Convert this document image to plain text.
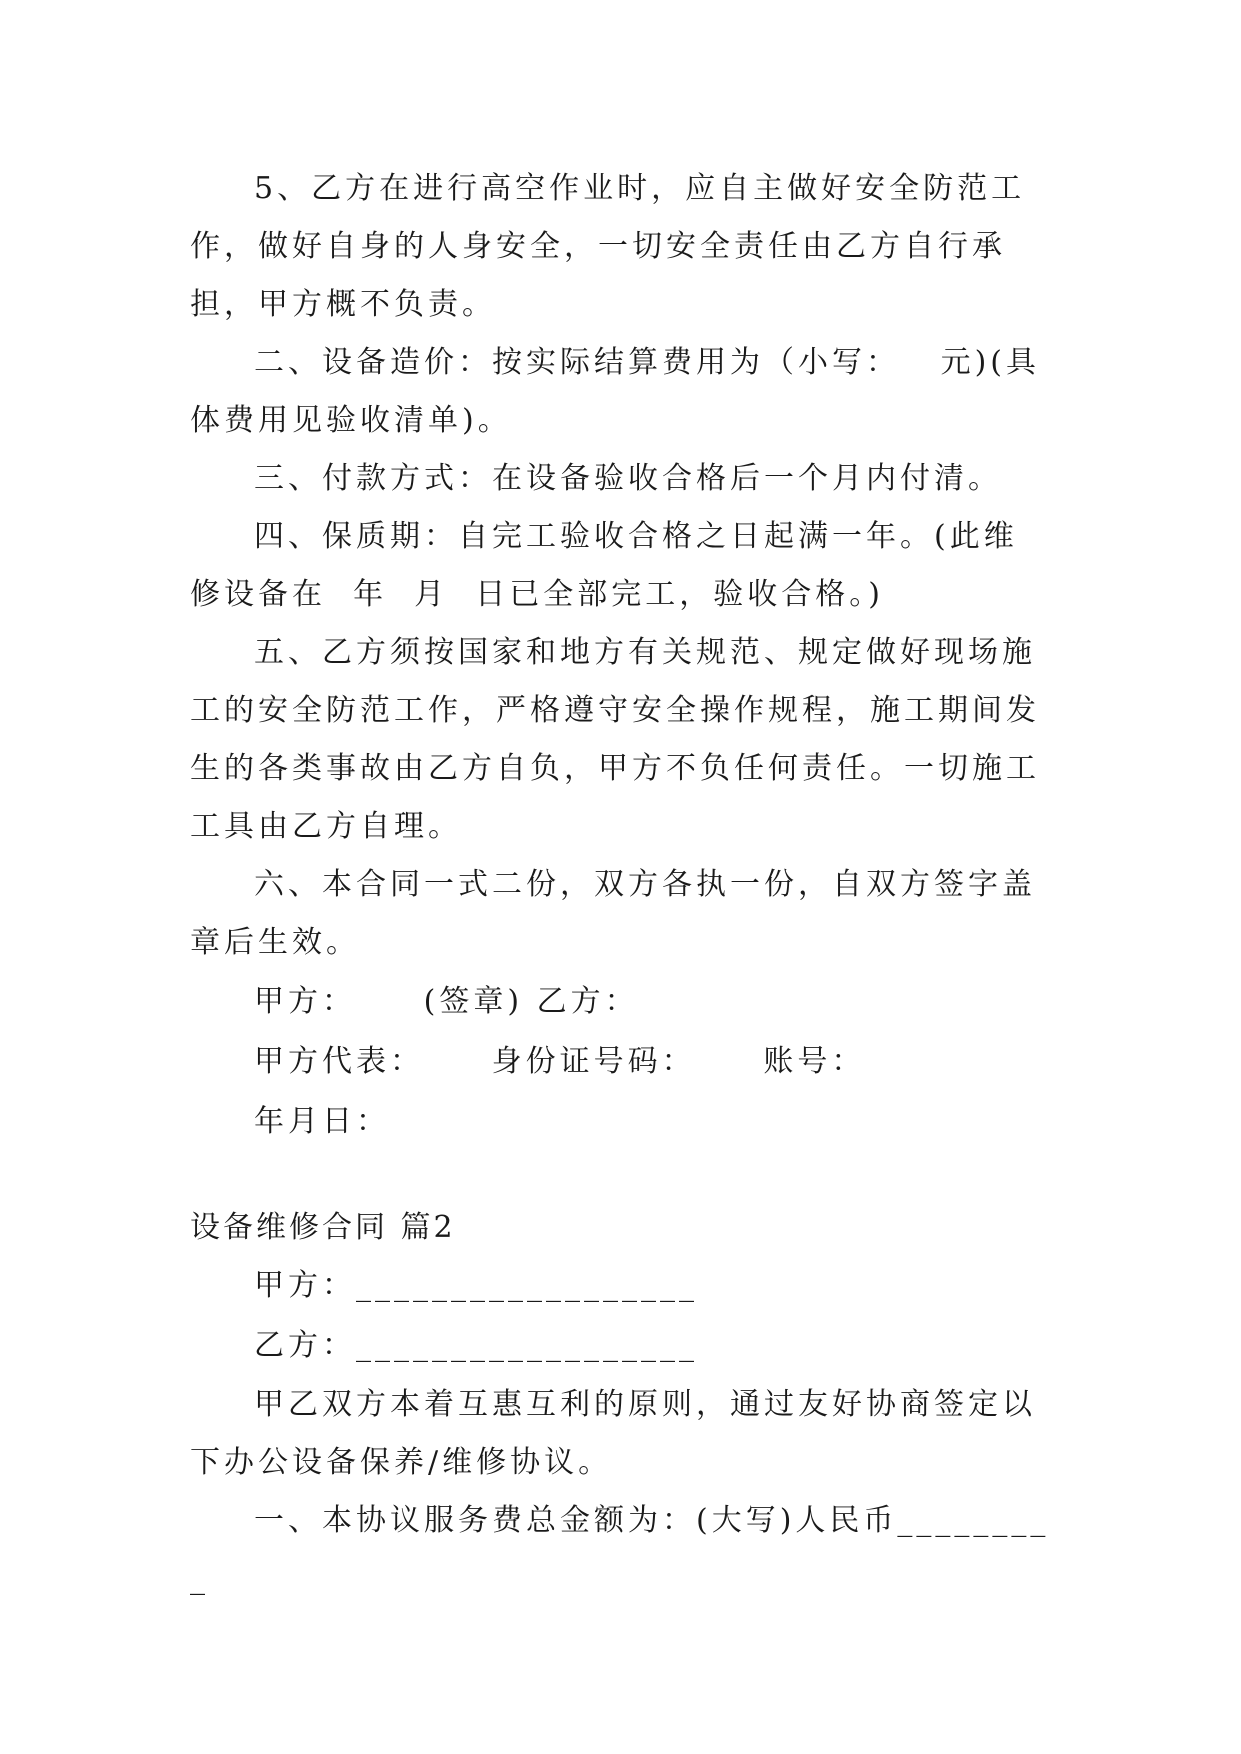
5、乙方在进行高空作业时，应自主做好安全防范工作，做好自身的人身安全，一切安全责任由乙方自行承担，甲方概不负责。

二、设备造价：按实际结算费用为（小写：   元)(具体费用见验收清单)。

三、付款方式：在设备验收合格后一个月内付清。

四、保质期：自完工验收合格之日起满一年。(此维修设备在  年  月  日已全部完工，验收合格。)

五、乙方须按国家和地方有关规范、规定做好现场施工的安全防范工作，严格遵守安全操作规程，施工期间发生的各类事故由乙方自负，甲方不负任何责任。一切施工工具由乙方自理。

六、本合同一式二份，双方各执一份，自双方签字盖章后生效。

甲方：     (签章) 乙方：
甲方代表：     身份证号码：     账号：
年月日：

设备维修合同 篇2

甲方：__________________
乙方：__________________

甲乙双方本着互惠互利的原则，通过友好协商签定以下办公设备保养/维修协议。

一、本协议服务费总金额为：(大写)人民币_________
